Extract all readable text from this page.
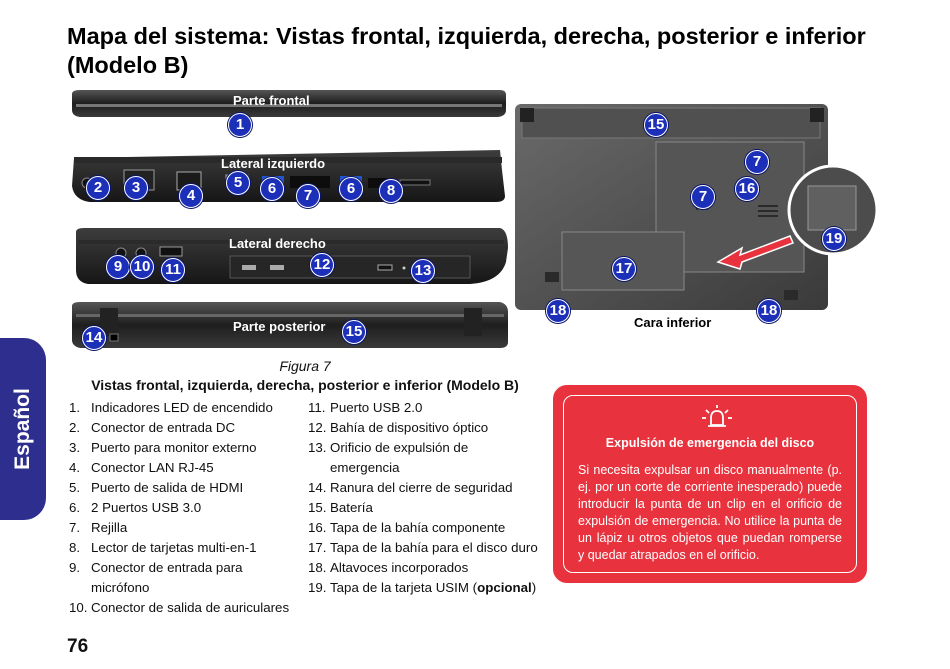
Mapa del sistema: Vistas frontal, izquierda, derecha, posterior e inferior (Modelo B)
Parte frontal
Lateral izquierdo
Lateral derecho
Parte posterior	Cara inferior
1
2	3	4
5	6	7	6	8
9 10 11	12	13
14	15
15
7
16
7
17
18	18
19
Figura 7
Vistas frontal, izquierda, derecha, posterior e inferior (Modelo B)
1. Indicadores LED de encendido
2. Conector de entrada DC
3. Puerto para monitor externo
4. Conector LAN RJ-45
5. Puerto de salida de HDMI
6. 2 Puertos USB 3.0
7. Rejilla
8. Lector de tarjetas multi-en-1
9. Conector de entrada para micrófono
10. Conector de salida de auriculares
11. Puerto USB 2.0
12. Bahía de dispositivo óptico
13. Orificio de expulsión de emergencia
14. Ranura del cierre de seguridad
15. Batería
16. Tapa de la bahía componente
17. Tapa de la bahía para el disco duro
18. Altavoces incorporados
19. Tapa de la tarjeta USIM (opcional)
Expulsión de emergencia del disco
Si necesita expulsar un disco manualmente (p. ej. por un corte de corriente inesperado) puede introducir la punta de un clip en el orificio de expulsión de emergencia. No utilice la punta de un lápiz u otros objetos que puedan romperse y quedar atrapados en el orificio.
Español
76
